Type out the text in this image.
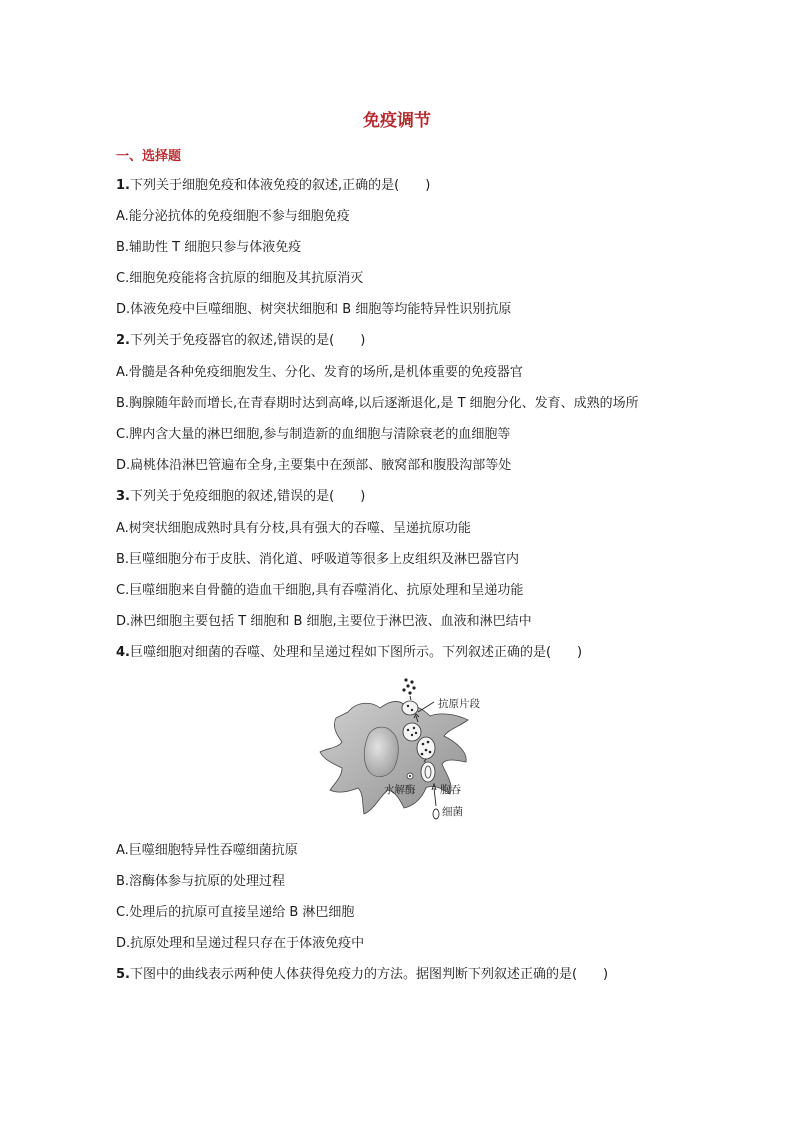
免疫调节
一、选择题
1.下列关于细胞免疫和体液免疫的叙述,正确的是(　　)
A.能分泌抗体的免疫细胞不参与细胞免疫
B.辅助性 T 细胞只参与体液免疫
C.细胞免疫能将含抗原的细胞及其抗原消灭
D.体液免疫中巨噬细胞、树突状细胞和 B 细胞等均能特异性识别抗原
2.下列关于免疫器官的叙述,错误的是(　　)
A.骨髓是各种免疫细胞发生、分化、发育的场所,是机体重要的免疫器官
B.胸腺随年龄而增长,在青春期时达到高峰,以后逐渐退化,是 T 细胞分化、发育、成熟的场所
C.脾内含大量的淋巴细胞,参与制造新的血细胞与清除衰老的血细胞等
D.扁桃体沿淋巴管遍布全身,主要集中在颈部、腋窝部和腹股沟部等处
3.下列关于免疫细胞的叙述,错误的是(　　)
A.树突状细胞成熟时具有分枝,具有强大的吞噬、呈递抗原功能
B.巨噬细胞分布于皮肤、消化道、呼吸道等很多上皮组织及淋巴器官内
C.巨噬细胞来自骨髓的造血干细胞,具有吞噬消化、抗原处理和呈递功能
D.淋巴细胞主要包括 T 细胞和 B 细胞,主要位于淋巴液、血液和淋巴结中
4.巨噬细胞对细菌的吞噬、处理和呈递过程如下图所示。下列叙述正确的是(　　)
抗原片段
水解酶 胞吞
细菌
A.巨噬细胞特异性吞噬细菌抗原
B.溶酶体参与抗原的处理过程
C.处理后的抗原可直接呈递给 B 淋巴细胞
D.抗原处理和呈递过程只存在于体液免疫中
5.下图中的曲线表示两种使人体获得免疫力的方法。据图判断下列叙述正确的是(　　)
